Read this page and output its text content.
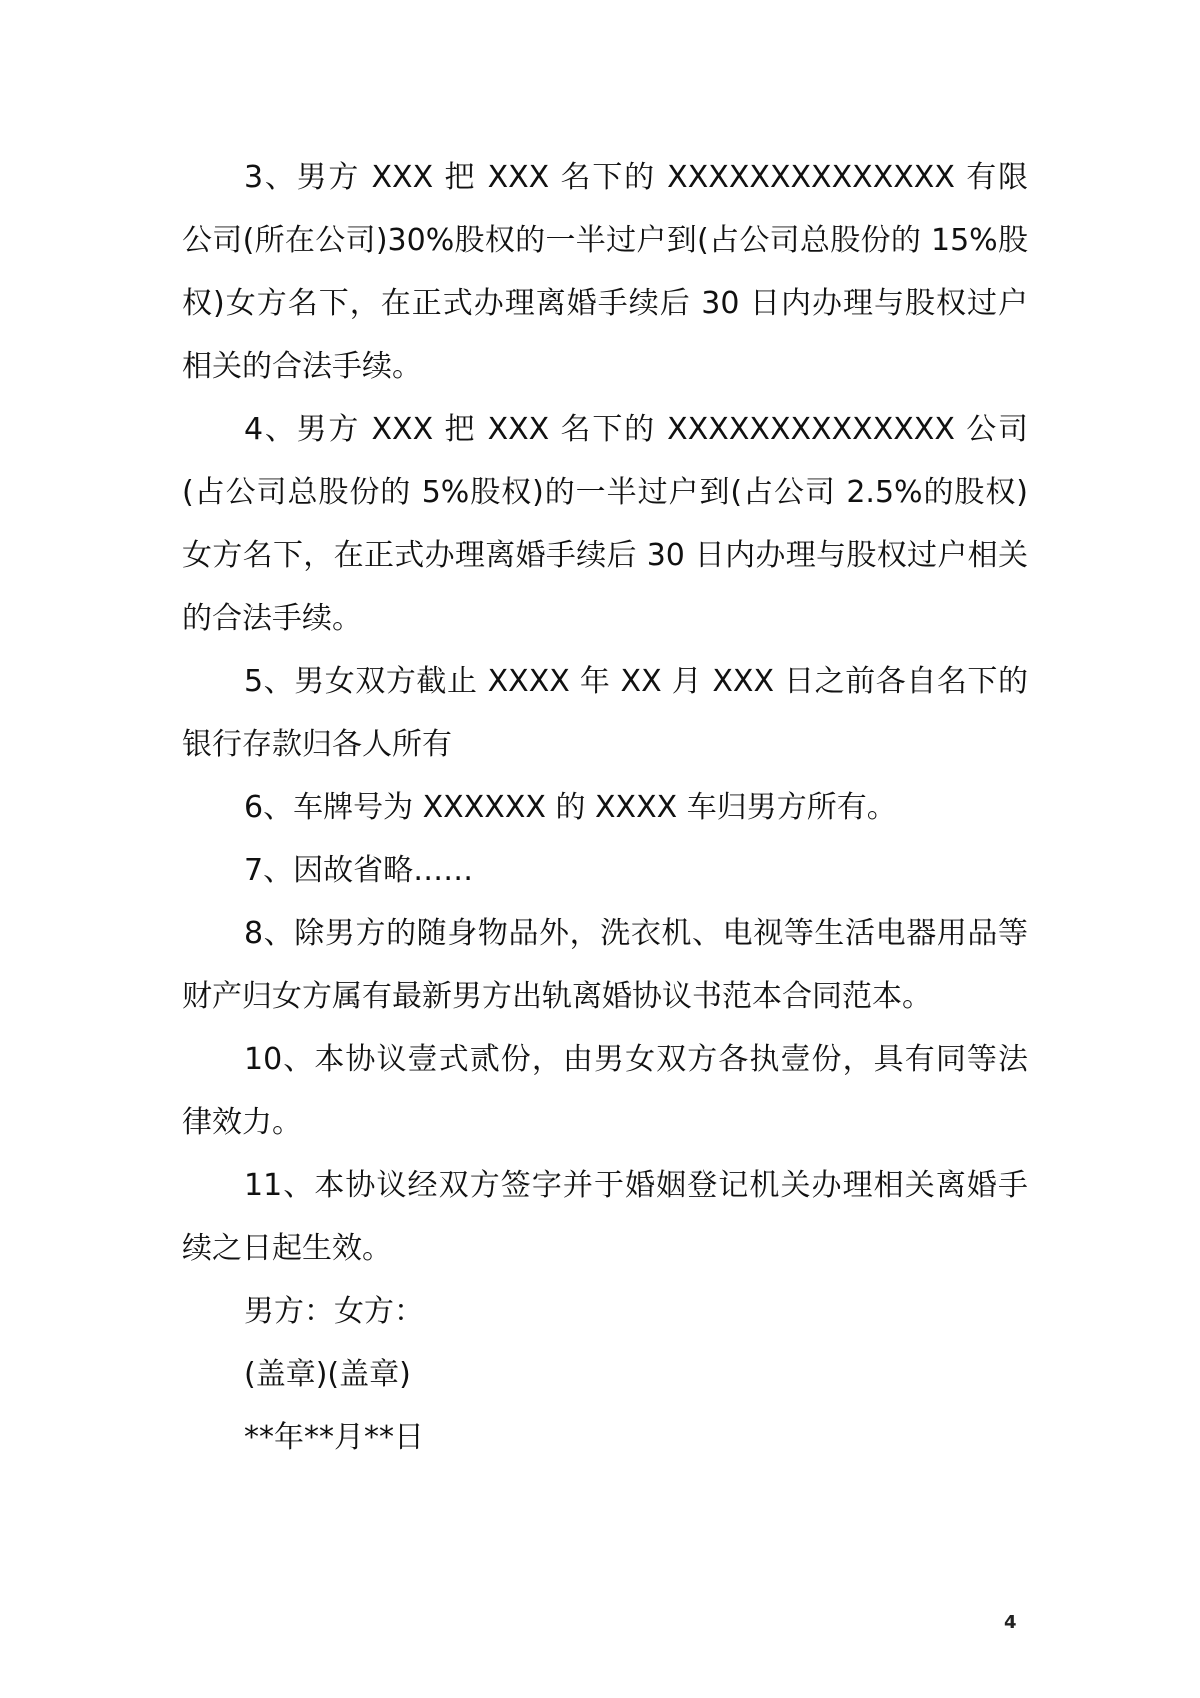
3、男方 XXX 把 XXX 名下的 XXXXXXXXXXXXXX 有限公司(所在公司)30%股权的一半过户到(占公司总股份的 15%股权)女方名下，在正式办理离婚手续后 30 日内办理与股权过户相关的合法手续。

4、男方 XXX 把 XXX 名下的 XXXXXXXXXXXXXX 公司(占公司总股份的 5%股权)的一半过户到(占公司 2.5%的股权)女方名下，在正式办理离婚手续后 30 日内办理与股权过户相关的合法手续。

5、男女双方截止 XXXX 年 XX 月 XXX 日之前各自名下的银行存款归各人所有

6、车牌号为 XXXXXX 的 XXXX 车归男方所有。

7、因故省略……

8、除男方的随身物品外，洗衣机、电视等生活电器用品等财产归女方属有最新男方出轨离婚协议书范本合同范本。

10、本协议壹式贰份，由男女双方各执壹份，具有同等法律效力。

11、本协议经双方签字并于婚姻登记机关办理相关离婚手续之日起生效。

男方：女方：

(盖章)(盖章)

**年**月**日

4
